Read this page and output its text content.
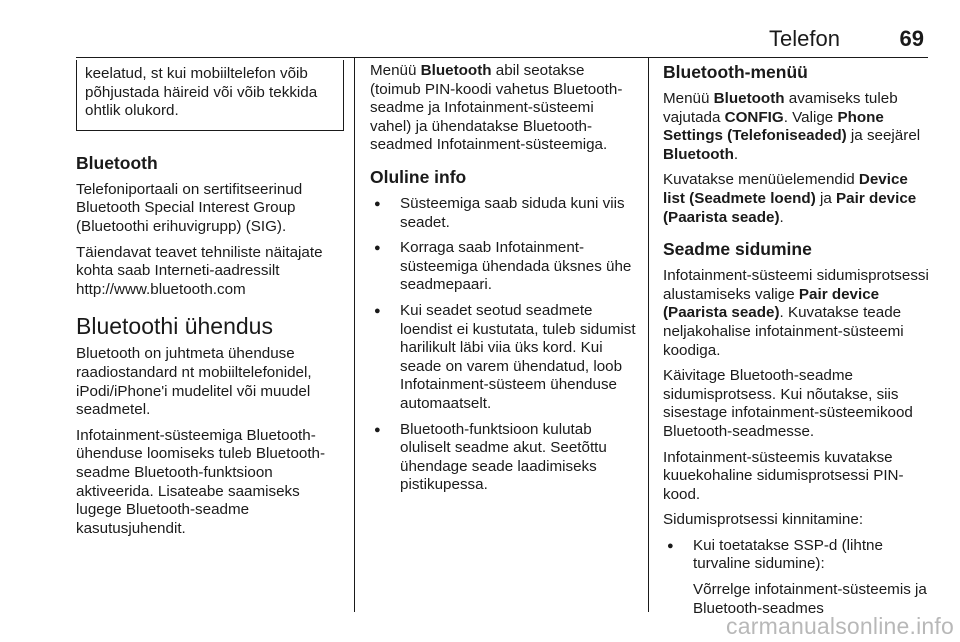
Telefon	69
keelatud, st kui mobiiltelefon võib põhjustada häireid või võib tekkida ohtlik olukord.
Bluetooth

Telefoniportaali on sertifitseerinud Bluetooth Special Interest Group (Bluetoothi erihuvigrupp) (SIG).

Täiendavat teavet tehniliste näitajate kohta saab Interneti-aadressilt http://www.bluetooth.com

Bluetoothi ühendus

Bluetooth on juhtmeta ühenduse raadiostandard nt mobiiltelefonidel, iPodi/iPhone'i mudelitel või muudel seadmetel.

Infotainment-süsteemiga Bluetooth-ühenduse loomiseks tuleb Bluetooth-seadme Bluetooth-funktsioon aktiveerida. Lisateabe saamiseks lugege Bluetooth-seadme kasutusjuhendit.

Menüü Bluetooth abil seotakse (toimub PIN-koodi vahetus Bluetooth-seadme ja Infotainment-süsteemi vahel) ja ühendatakse Bluetooth-seadmed Infotainment-süsteemiga.

Oluline info
● Süsteemiga saab siduda kuni viis seadet.
● Korraga saab Infotainment-süsteemiga ühendada üksnes ühe seadmepaari.
● Kui seadet seotud seadmete loendist ei kustutata, tuleb sidumist harilikult läbi viia üks kord. Kui seade on varem ühendatud, loob Infotainment-süsteem ühenduse automaatselt.
● Bluetooth-funktsioon kulutab oluliselt seadme akut. Seetõttu ühendage seade laadimiseks pistikupessa.
Bluetooth-menüü

Menüü Bluetooth avamiseks tuleb vajutada CONFIG. Valige Phone Settings (Telefoniseaded) ja seejärel Bluetooth.

Kuvatakse menüüelemendid Device list (Seadmete loend) ja Pair device (Paarista seade).

Seadme sidumine

Infotainment-süsteemi sidumisprotsessi alustamiseks valige Pair device (Paarista seade). Kuvatakse teade neljakohalise infotainment-süsteemi koodiga.

Käivitage Bluetooth-seadme sidumisprotsess. Kui nõutakse, siis sisestage infotainment-süsteemikood Bluetooth-seadmesse.

Infotainment-süsteemis kuvatakse kuuekohaline sidumisprotsessi PIN-kood.

Sidumisprotsessi kinnitamine:

● Kui toetatakse SSP-d (lihtne turvaline sidumine):

Võrrelge infotainment-süsteemis ja Bluetooth-seadmes

carmanualsonline.info
